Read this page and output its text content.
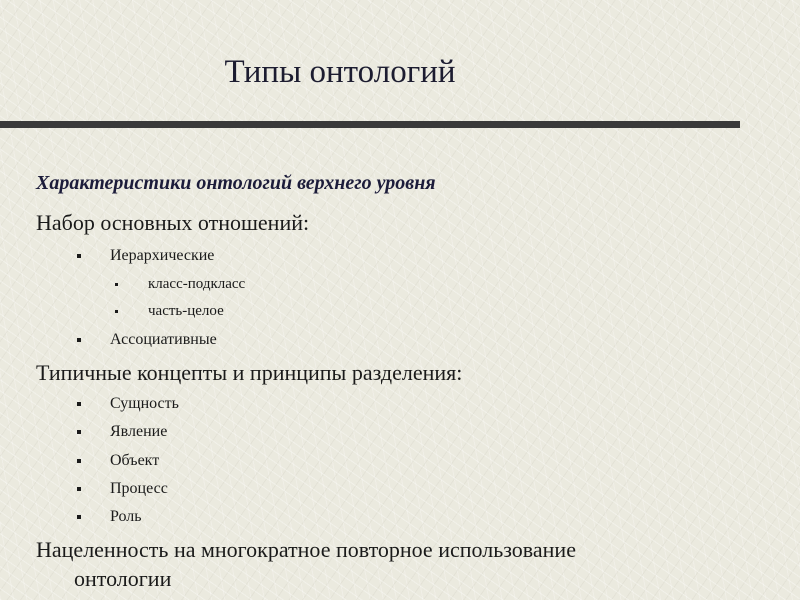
Типы онтологий
Характеристики онтологий верхнего уровня
Набор основных отношений:
Иерархические
класс-подкласс
часть-целое
Ассоциативные
Типичные концепты и принципы разделения:
Сущность
Явление
Объект
Процесс
Роль
Нацеленность на многократное повторное использование
онтологии
